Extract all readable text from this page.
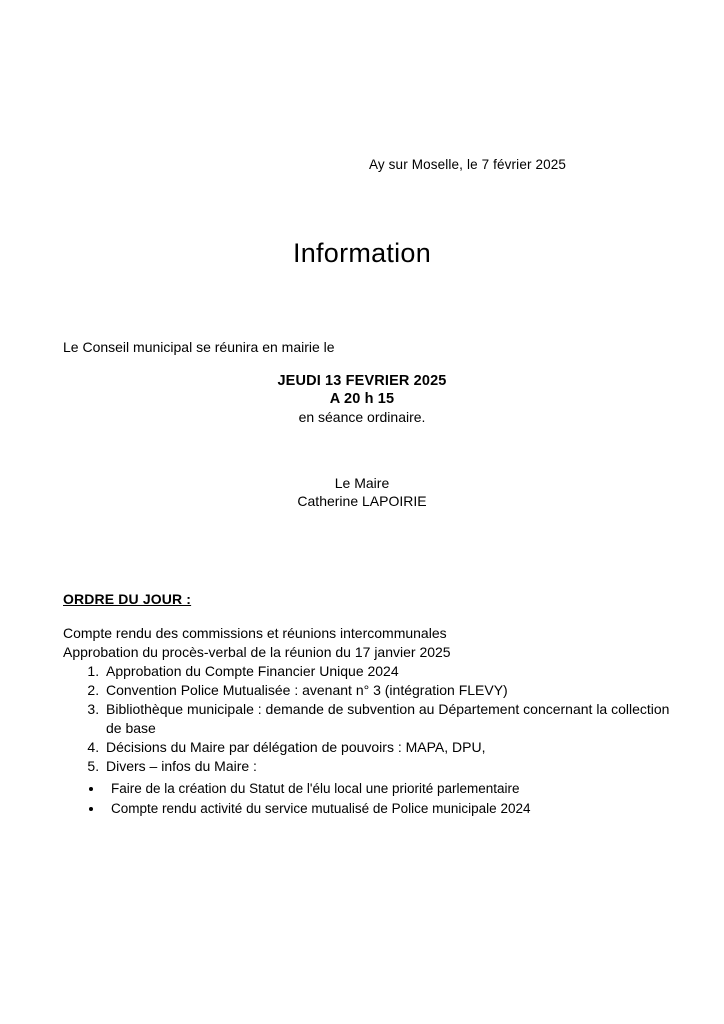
Ay sur Moselle, le 7 février 2025
Information
Le Conseil municipal se réunira en mairie le
JEUDI 13 FEVRIER 2025
A 20 h 15
en séance ordinaire.
Le Maire
Catherine LAPOIRIE
ORDRE DU JOUR :

Compte rendu des commissions et réunions intercommunales

Approbation du procès-verbal de la réunion du 17 janvier 2025

1. Approbation du Compte Financier Unique 2024
2. Convention Police Mutualisée : avenant n° 3 (intégration FLEVY)
3. Bibliothèque municipale : demande de subvention au Département concernant la collection de base
4. Décisions du Maire par délégation de pouvoirs : MAPA, DPU,
5. Divers – infos du Maire :
• Faire de la création du Statut de l'élu local une priorité parlementaire
• Compte rendu activité du service mutualisé de Police municipale 2024
